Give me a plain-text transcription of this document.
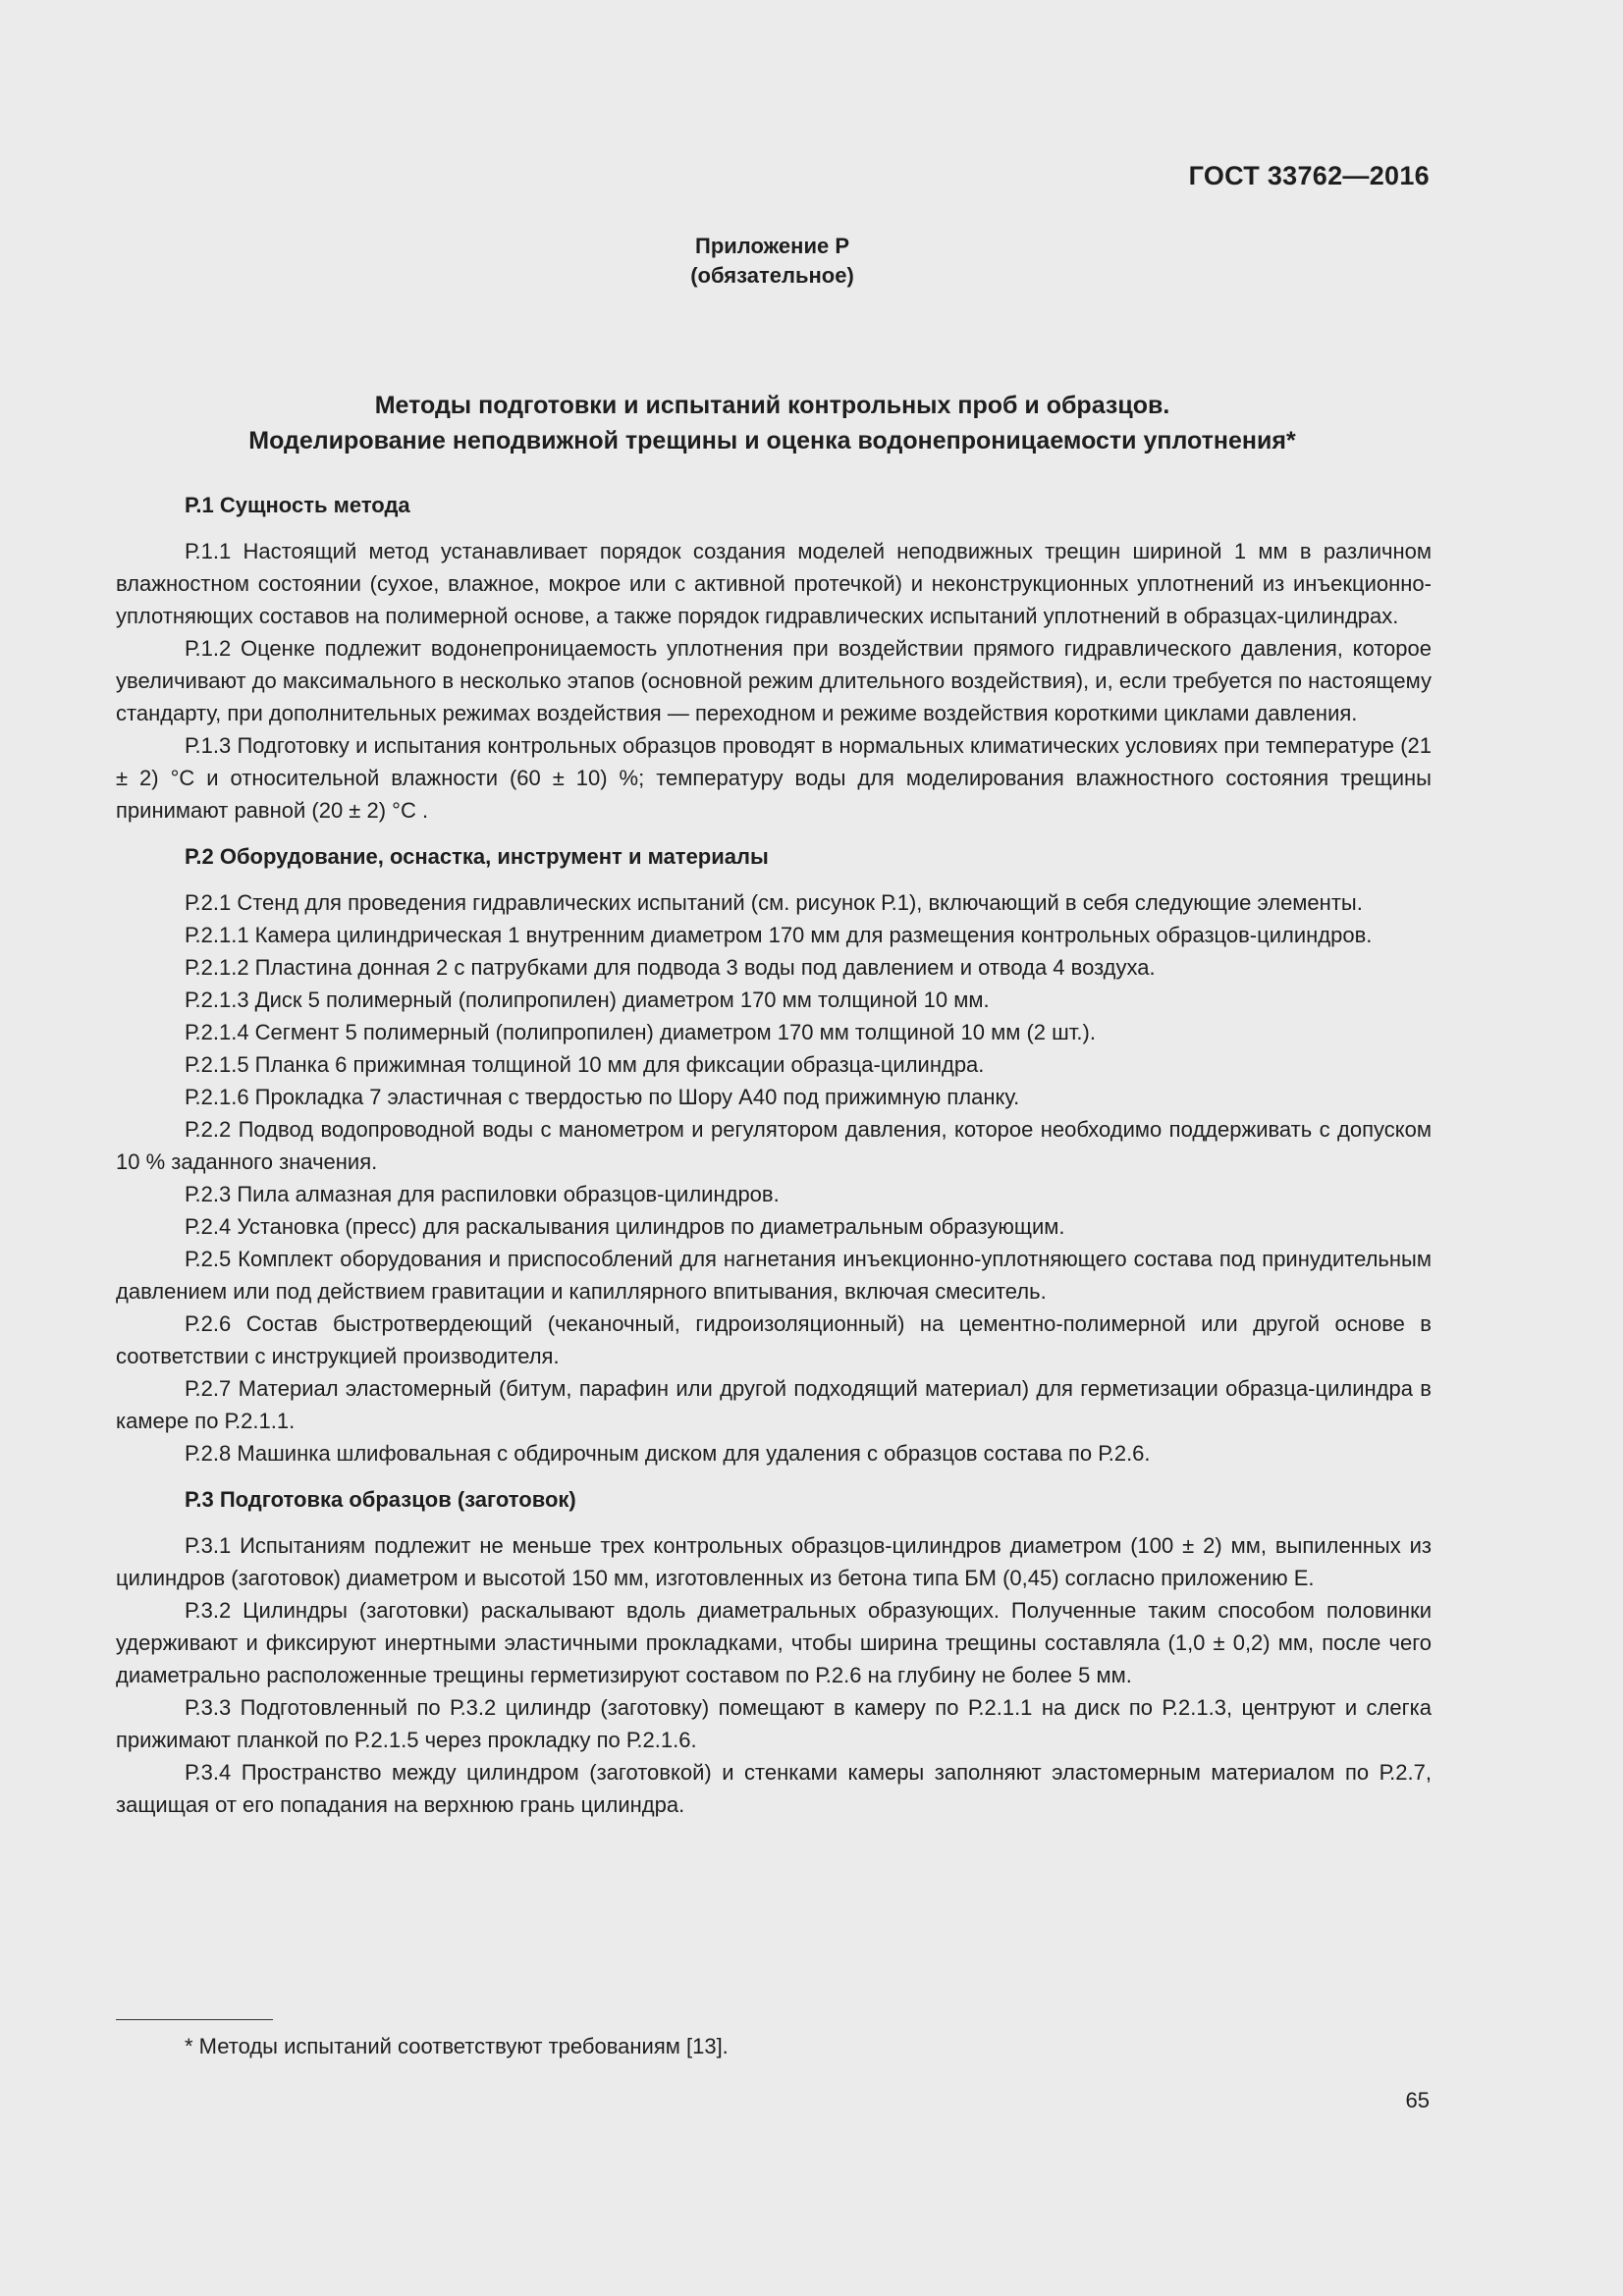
ГОСТ 33762—2016
Приложение Р
(обязательное)
Методы подготовки и испытаний контрольных проб и образцов.
Моделирование неподвижной трещины и оценка водонепроницаемости уплотнения*
Р.1 Сущность метода

Р.1.1 Настоящий метод устанавливает порядок создания моделей неподвижных трещин шириной 1 мм в различном влажностном состоянии (сухое, влажное, мокрое или с активной протечкой) и неконструкционных уплотнений из инъекционно-уплотняющих составов на полимерной основе, а также порядок гидравлических испытаний уплотнений в образцах-цилиндрах.

Р.1.2 Оценке подлежит водонепроницаемость уплотнения при воздействии прямого гидравлического давления, которое увеличивают до максимального в несколько этапов (основной режим длительного воздействия), и, если требуется по настоящему стандарту, при дополнительных режимах воздействия — переходном и режиме воздействия короткими циклами давления.

Р.1.3 Подготовку и испытания контрольных образцов проводят в нормальных климатических условиях при температуре (21 ± 2) °С и относительной влажности (60 ± 10) %; температуру воды для моделирования влажностного состояния трещины принимают равной (20 ± 2) °С .

Р.2 Оборудование, оснастка, инструмент и материалы

Р.2.1 Стенд для проведения гидравлических испытаний (см. рисунок Р.1), включающий в себя следующие элементы.

Р.2.1.1 Камера цилиндрическая 1 внутренним диаметром 170 мм для размещения контрольных образцов-цилиндров.

Р.2.1.2 Пластина донная 2 с патрубками для подвода 3 воды под давлением и отвода 4 воздуха.

Р.2.1.3 Диск 5 полимерный (полипропилен) диаметром 170 мм толщиной 10 мм.

Р.2.1.4 Сегмент 5 полимерный (полипропилен) диаметром 170 мм толщиной 10 мм (2 шт.).

Р.2.1.5 Планка 6 прижимная толщиной 10 мм для фиксации образца-цилиндра.

Р.2.1.6 Прокладка 7 эластичная с твердостью по Шору А40 под прижимную планку.

Р.2.2 Подвод водопроводной воды с манометром и регулятором давления, которое необходимо поддерживать с допуском 10 % заданного значения.

Р.2.3 Пила алмазная для распиловки образцов-цилиндров.

Р.2.4 Установка (пресс) для раскалывания цилиндров по диаметральным образующим.

Р.2.5 Комплект оборудования и приспособлений для нагнетания инъекционно-уплотняющего состава под принудительным давлением или под действием гравитации и капиллярного впитывания, включая смеситель.

Р.2.6 Состав быстротвердеющий (чеканочный, гидроизоляционный) на цементно-полимерной или другой основе в соответствии с инструкцией производителя.

Р.2.7 Материал эластомерный (битум, парафин или другой подходящий материал) для герметизации образца-цилиндра в камере по Р.2.1.1.

Р.2.8 Машинка шлифовальная с обдирочным диском для удаления с образцов состава по Р.2.6.

Р.3 Подготовка образцов (заготовок)

Р.3.1 Испытаниям подлежит не меньше трех контрольных образцов-цилиндров диаметром (100 ± 2) мм, выпиленных из цилиндров (заготовок) диаметром и высотой 150 мм, изготовленных из бетона типа БМ (0,45) согласно приложению Е.

Р.3.2 Цилиндры (заготовки) раскалывают вдоль диаметральных образующих. Полученные таким способом половинки удерживают и фиксируют инертными эластичными прокладками, чтобы ширина трещины составляла (1,0 ± 0,2) мм, после чего диаметрально расположенные трещины герметизируют составом по Р.2.6 на глубину не более 5 мм.

Р.3.3 Подготовленный по Р.3.2 цилиндр (заготовку) помещают в камеру по Р.2.1.1 на диск по Р.2.1.3, центруют и слегка прижимают планкой по Р.2.1.5 через прокладку по Р.2.1.6.

Р.3.4 Пространство между цилиндром (заготовкой) и стенками камеры заполняют эластомерным материалом по Р.2.7, защищая от его попадания на верхнюю грань цилиндра.

* Методы испытаний соответствуют требованиям [13].
65
